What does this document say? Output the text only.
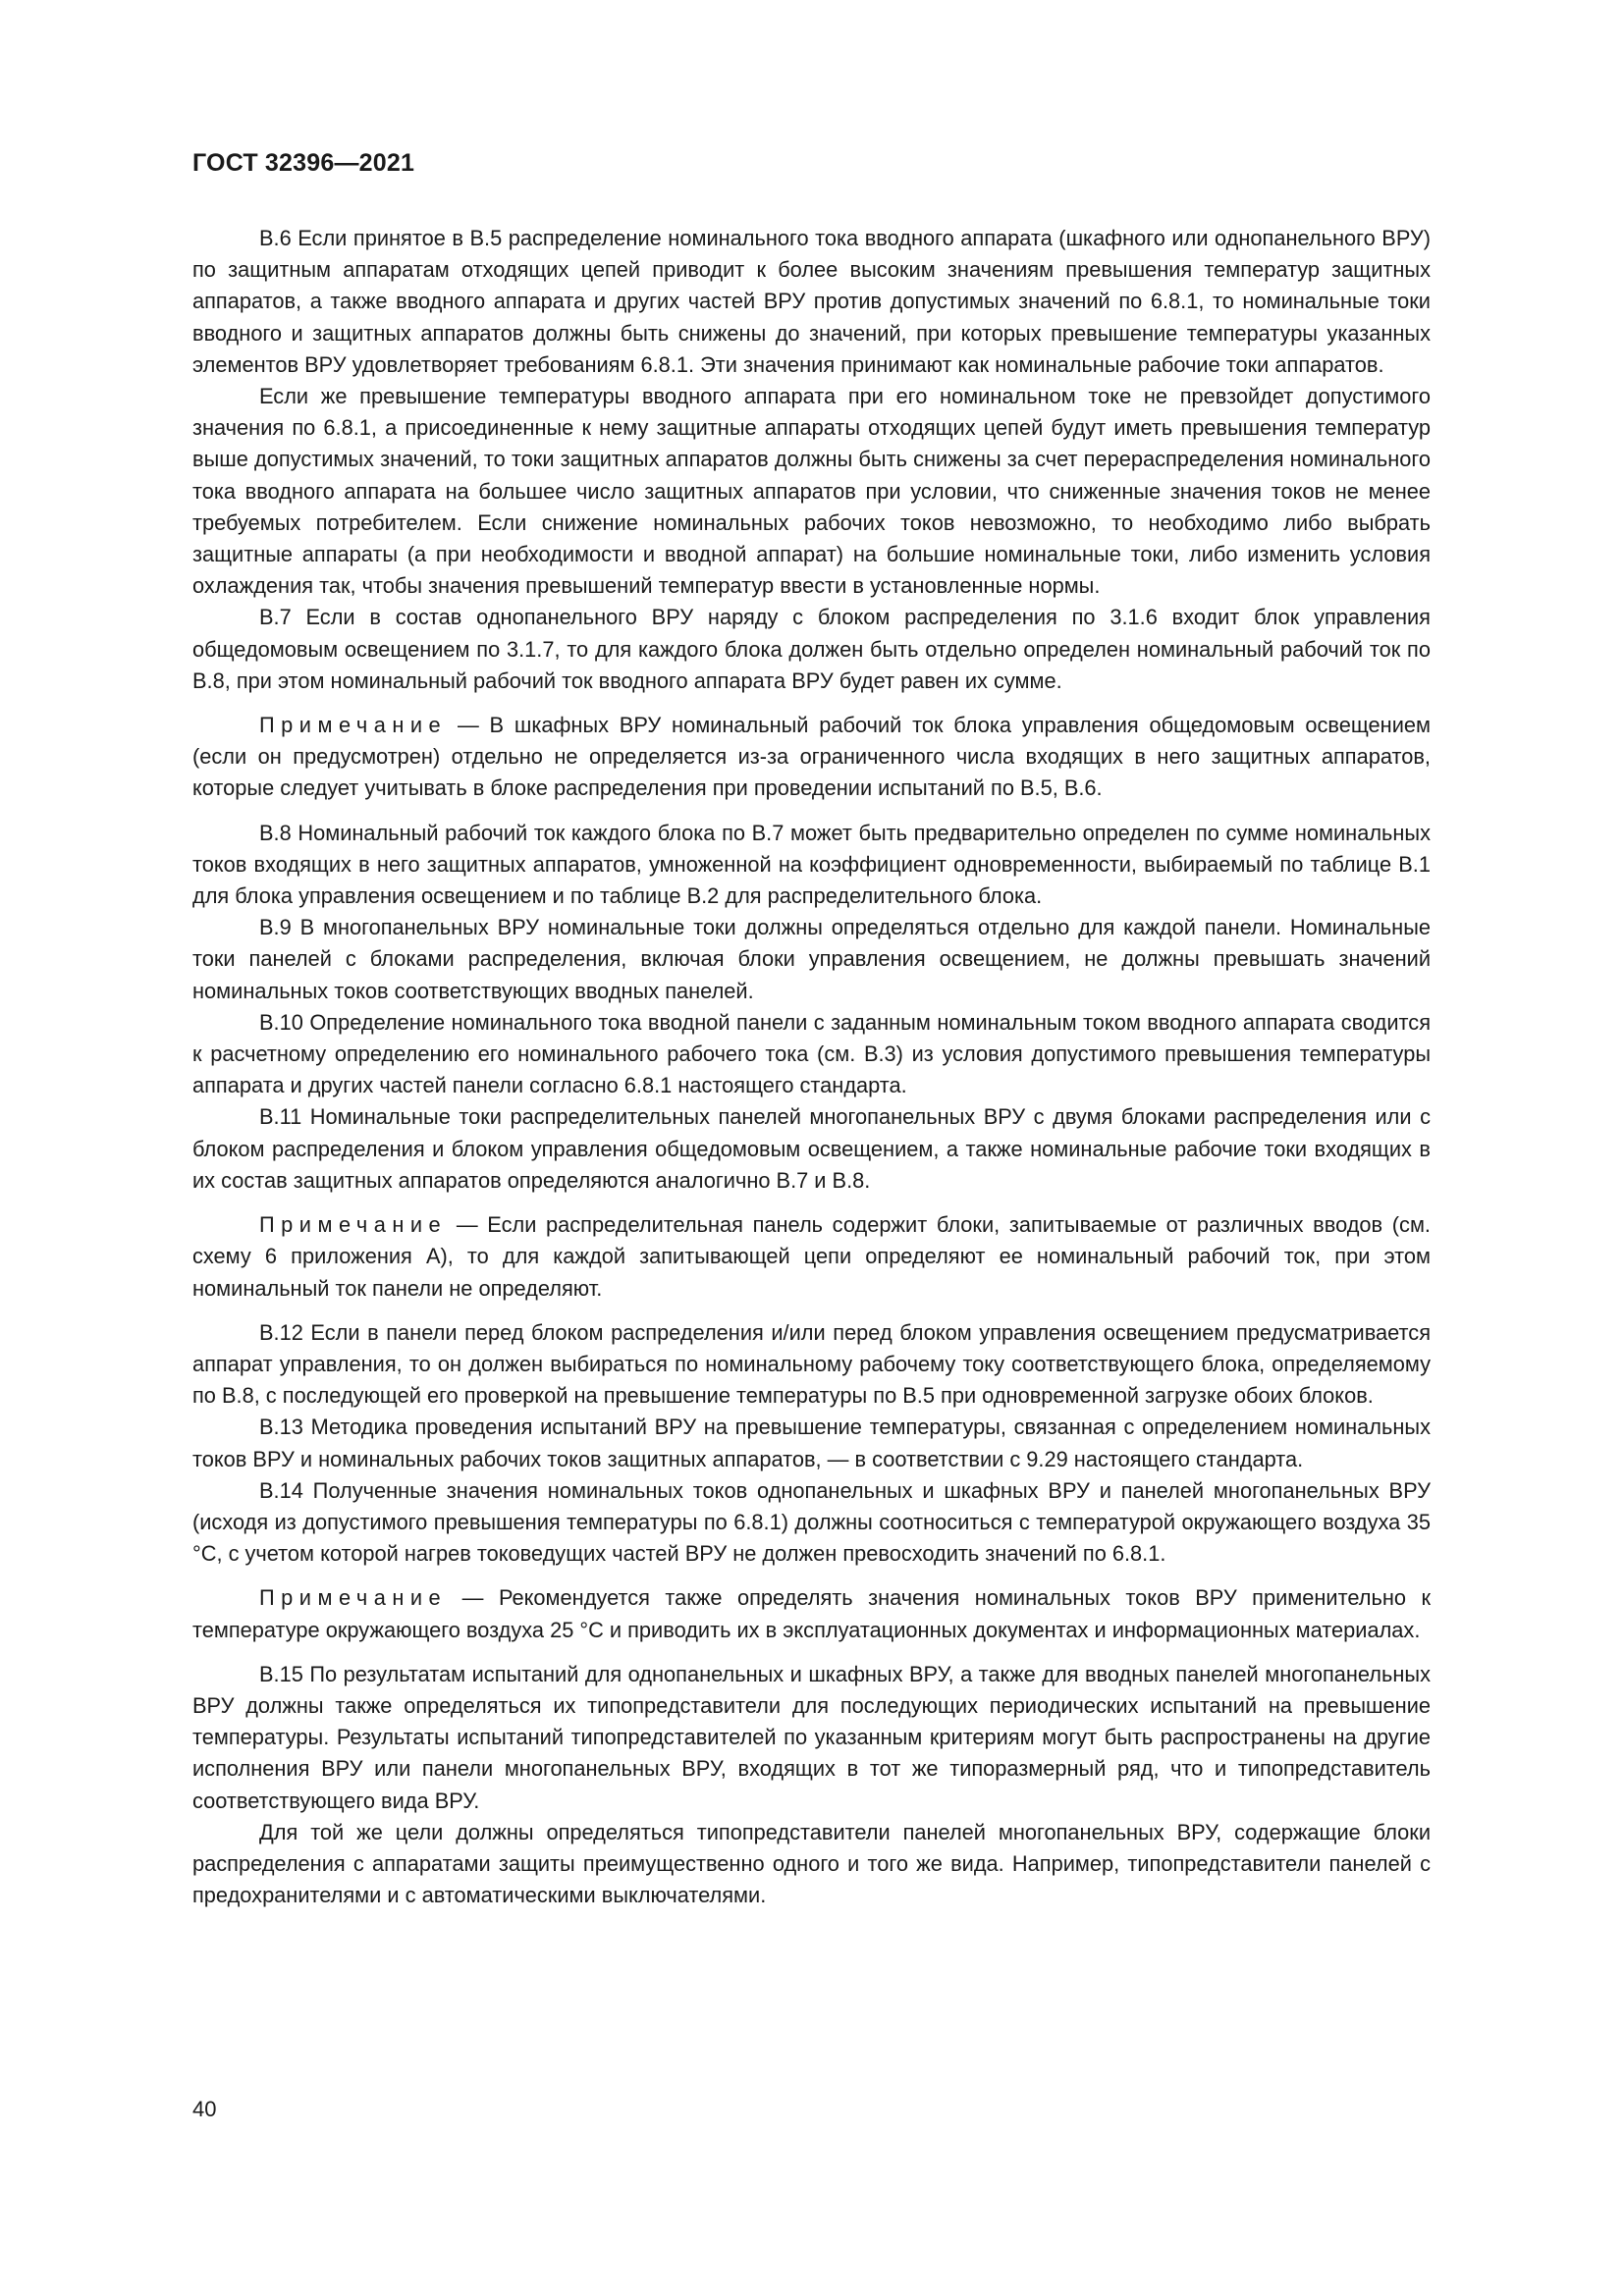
ГОСТ 32396—2021

В.6 Если принятое в В.5 распределение номинального тока вводного аппарата (шкафного или однопанельного ВРУ) по защитным аппаратам отходящих цепей приводит к более высоким значениям превышения температур защитных аппаратов, а также вводного аппарата и других частей ВРУ против допустимых значений по 6.8.1, то номинальные токи вводного и защитных аппаратов должны быть снижены до значений, при которых превышение температуры указанных элементов ВРУ удовлетворяет требованиям 6.8.1. Эти значения принимают как номинальные рабочие токи аппаратов.

Если же превышение температуры вводного аппарата при его номинальном токе не превзойдет допустимого значения по 6.8.1, а присоединенные к нему защитные аппараты отходящих цепей будут иметь превышения температур выше допустимых значений, то токи защитных аппаратов должны быть снижены за счет перераспределения номинального тока вводного аппарата на большее число защитных аппаратов при условии, что сниженные значения токов не менее требуемых потребителем. Если снижение номинальных рабочих токов невозможно, то необходимо либо выбрать защитные аппараты (а при необходимости и вводной аппарат) на большие номинальные токи, либо изменить условия охлаждения так, чтобы значения превышений температур ввести в установленные нормы.

В.7 Если в состав однопанельного ВРУ наряду с блоком распределения по 3.1.6 входит блок управления общедомовым освещением по 3.1.7, то для каждого блока должен быть отдельно определен номинальный рабочий ток по В.8, при этом номинальный рабочий ток вводного аппарата ВРУ будет равен их сумме.

Примечание — В шкафных ВРУ номинальный рабочий ток блока управления общедомовым освещением (если он предусмотрен) отдельно не определяется из-за ограниченного числа входящих в него защитных аппаратов, которые следует учитывать в блоке распределения при проведении испытаний по В.5, В.6.

В.8 Номинальный рабочий ток каждого блока по В.7 может быть предварительно определен по сумме номинальных токов входящих в него защитных аппаратов, умноженной на коэффициент одновременности, выбираемый по таблице В.1 для блока управления освещением и по таблице В.2 для распределительного блока.

В.9 В многопанельных ВРУ номинальные токи должны определяться отдельно для каждой панели. Номинальные токи панелей с блоками распределения, включая блоки управления освещением, не должны превышать значений номинальных токов соответствующих вводных панелей.

В.10 Определение номинального тока вводной панели с заданным номинальным током вводного аппарата сводится к расчетному определению его номинального рабочего тока (см. В.3) из условия допустимого превышения температуры аппарата и других частей панели согласно 6.8.1 настоящего стандарта.

В.11 Номинальные токи распределительных панелей многопанельных ВРУ с двумя блоками распределения или с блоком распределения и блоком управления общедомовым освещением, а также номинальные рабочие токи входящих в их состав защитных аппаратов определяются аналогично В.7 и В.8.

Примечание — Если распределительная панель содержит блоки, запитываемые от различных вводов (см. схему 6 приложения А), то для каждой запитывающей цепи определяют ее номинальный рабочий ток, при этом номинальный ток панели не определяют.

В.12 Если в панели перед блоком распределения и/или перед блоком управления освещением предусматривается аппарат управления, то он должен выбираться по номинальному рабочему току соответствующего блока, определяемому по В.8, с последующей его проверкой на превышение температуры по В.5 при одновременной загрузке обоих блоков.

В.13 Методика проведения испытаний ВРУ на превышение температуры, связанная с определением номинальных токов ВРУ и номинальных рабочих токов защитных аппаратов, — в соответствии с 9.29 настоящего стандарта.

В.14 Полученные значения номинальных токов однопанельных и шкафных ВРУ и панелей многопанельных ВРУ (исходя из допустимого превышения температуры по 6.8.1) должны соотноситься с температурой окружающего воздуха 35 °С, с учетом которой нагрев токоведущих частей ВРУ не должен превосходить значений по 6.8.1.

Примечание — Рекомендуется также определять значения номинальных токов ВРУ применительно к температуре окружающего воздуха 25 °С и приводить их в эксплуатационных документах и информационных материалах.

В.15 По результатам испытаний для однопанельных и шкафных ВРУ, а также для вводных панелей многопанельных ВРУ должны также определяться их типопредставители для последующих периодических испытаний на превышение температуры. Результаты испытаний типопредставителей по указанным критериям могут быть распространены на другие исполнения ВРУ или панели многопанельных ВРУ, входящих в тот же типоразмерный ряд, что и типопредставитель соответствующего вида ВРУ.

Для той же цели должны определяться типопредставители панелей многопанельных ВРУ, содержащие блоки распределения с аппаратами защиты преимущественно одного и того же вида. Например, типопредставители панелей с предохранителями и с автоматическими выключателями.

40
